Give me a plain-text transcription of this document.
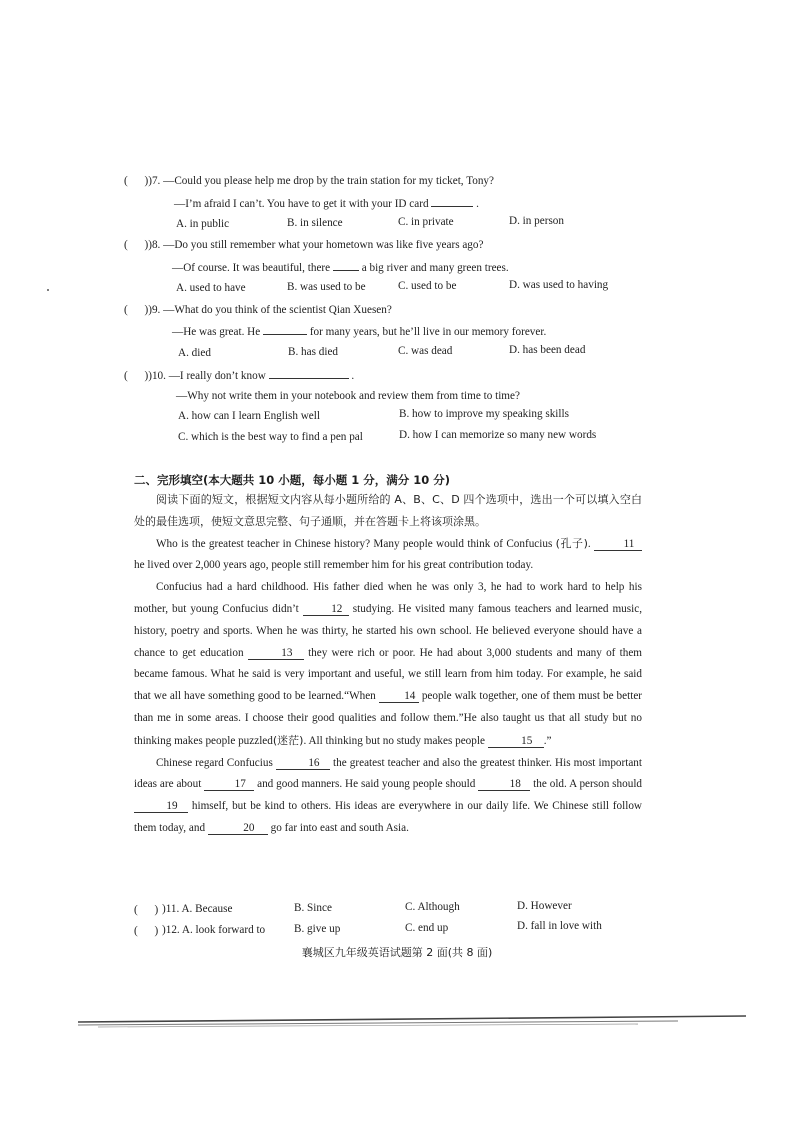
(      ))7. —Could you please help me drop by the train station for my ticket, Tony?
—I’m afraid I can’t. You have to get it with your ID card	.
A. in public	B. in silence	C. in private	D. in person
(      ))8. —Do you still remember what your hometown was like five years ago?
—Of course. It was beautiful, there	a big river and many green trees.
A. used to have	B. was used to be	C. used to be	D. was used to having
(      ))9. —What do you think of the scientist Qian Xuesen?
—He was great. He	for many years, but he’ll live in our memory forever.
A. died	B. has died	C. was dead	D. has been dead
(      ))10. —I really don’t know	.
—Why not write them in your notebook and review them from time to time?
A. how can I learn English well	B. how to improve my speaking skills
C. which is the best way to find a pen pal	D. how I can memorize so many new words
二、完形填空(本大题共 10 小题，每小题 1 分，满分 10 分)

阅读下面的短文，根据短文内容从每小题所给的 A、B、C、D 四个选项中，选出一个可以填入空白处的最佳选项，使短文意思完整、句子通顺，并在答题卡上将该项涂黑。

Who is the greatest teacher in Chinese history? Many people would think of Confucius (孔子).	11 he lived over 2,000 years ago, people still remember him for his great contribution today.

Confucius had a hard childhood. His father died when he was only 3, he had to work hard to help his mother, but young Confucius didn’t	12 studying. He visited many famous teachers and learned music, history, poetry and sports. When he was thirty, he started his own school. He believed everyone should have a chance to get education	13 they were rich or poor. He had about 3,000 students and many of them became famous. What he said is very important and useful, we still learn from him today. For example, he said that we all have something good to be learned.“When	14 people walk together, one of them must be better than me in some areas. I choose their good qualities and follow them.”He also taught us that all study but no thinking makes people puzzled(迷茫). All thinking but no study makes people	15 .”

Chinese regard Confucius	16 the greatest teacher and also the greatest thinker. His most important ideas are about	17 and good manners. He said young people should	18 the old. A person should 19 himself, but be kind to others. His ideas are everywhere in our daily life. We Chinese still follow them today, and	20 go far into east and south Asia.

(      ) )11. A. Because	B. Since	C. Although	D. However
(      ) )12. A. look forward to	B. give up	C. end up	D. fall in love with
襄城区九年级英语试题第 2 面(共 8 面)
